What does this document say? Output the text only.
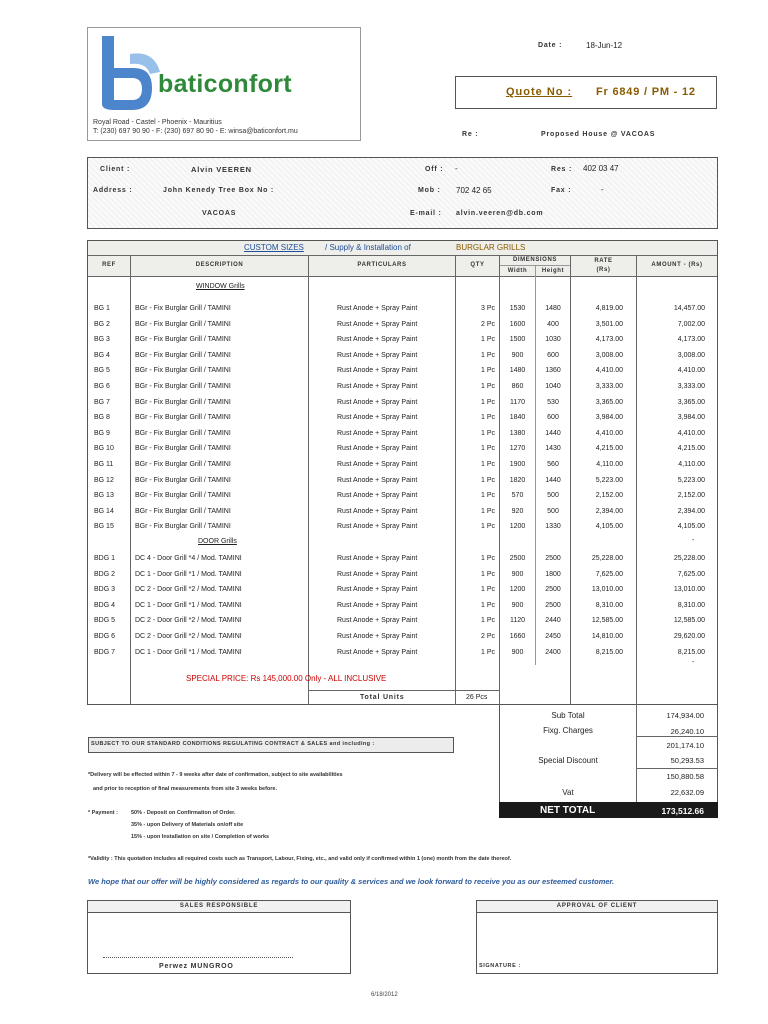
baticonfort
Royal Road - Castel - Phoenix - Mauritius
T: (230) 697 90 90 - F: (230) 697 80 90 - E: winsa@baticonfort.mu
Date :	18-Jun-12
Quote No : Fr 6849 / PM - 12
Re :	Proposed House @ VACOAS
Client :	Alvin VEEREN	Off : -	Res : 402 03 47
Address :	John Kenedy Tree Box No :	Mob : 702 42 65	Fax :	-
VACOAS	E-mail : alvin.veeren@db.com
CUSTOM SIZES	/ Supply & Installation of	BURGLAR GRILLS
REF	DESCRIPTION	PARTICULARS	QTY
DIMENSIONS
Width	Height
RATE
(Rs)
AMOUNT - (Rs)
WINDOW Grills
DOOR Grills
BG 1	BGr - Fix Burglar Grill / TAMINI	Rust Anode + Spray Paint	3 Pc	1530	1480	4,819.00	14,457.00
BG 2	BGr - Fix Burglar Grill / TAMINI	Rust Anode + Spray Paint	2 Pc	1600	400	3,501.00	7,002.00
BG 3	BGr - Fix Burglar Grill / TAMINI	Rust Anode + Spray Paint	1 Pc	1500	1030	4,173.00	4,173.00
BG 4	BGr - Fix Burglar Grill / TAMINI	Rust Anode + Spray Paint	1 Pc	900	600	3,008.00	3,008.00
BG 5	BGr - Fix Burglar Grill / TAMINI	Rust Anode + Spray Paint	1 Pc	1480	1360	4,410.00	4,410.00
BG 6	BGr - Fix Burglar Grill / TAMINI	Rust Anode + Spray Paint	1 Pc	860	1040	3,333.00	3,333.00
BG 7	BGr - Fix Burglar Grill / TAMINI	Rust Anode + Spray Paint	1 Pc	1170	530	3,365.00	3,365.00
BG 8	BGr - Fix Burglar Grill / TAMINI	Rust Anode + Spray Paint	1 Pc	1840	600	3,984.00	3,984.00
BG 9	BGr - Fix Burglar Grill / TAMINI	Rust Anode + Spray Paint	1 Pc	1380	1440	4,410.00	4,410.00
BG 10	BGr - Fix Burglar Grill / TAMINI	Rust Anode + Spray Paint	1 Pc	1270	1430	4,215.00	4,215.00
BG 11	BGr - Fix Burglar Grill / TAMINI	Rust Anode + Spray Paint	1 Pc	1900	560	4,110.00	4,110.00
BG 12	BGr - Fix Burglar Grill / TAMINI	Rust Anode + Spray Paint	1 Pc	1820	1440	5,223.00	5,223.00
BG 13	BGr - Fix Burglar Grill / TAMINI	Rust Anode + Spray Paint	1 Pc	570	500	2,152.00	2,152.00
BG 14	BGr - Fix Burglar Grill / TAMINI	Rust Anode + Spray Paint	1 Pc	920	500	2,394.00	2,394.00
BG 15	BGr - Fix Burglar Grill / TAMINI	Rust Anode + Spray Paint	1 Pc	1200	1330	4,105.00	4,105.00
BDG 1	DC 4 - Door Grill *4 / Mod. TAMINI	Rust Anode + Spray Paint	1 Pc	2500	2500	25,228.00	25,228.00
BDG 2	DC 1 - Door Grill *1 / Mod. TAMINI	Rust Anode + Spray Paint	1 Pc	900	1800	7,625.00	7,625.00
BDG 3	DC 2 - Door Grill *2 / Mod. TAMINI	Rust Anode + Spray Paint	1 Pc	1200	2500	13,010.00	13,010.00
BDG 4	DC 1 - Door Grill *1 / Mod. TAMINI	Rust Anode + Spray Paint	1 Pc	900	2500	8,310.00	8,310.00
BDG 5	DC 2 - Door Grill *2 / Mod. TAMINI	Rust Anode + Spray Paint	1 Pc	1120	2440	12,585.00	12,585.00
BDG 6	DC 2 - Door Grill *2 / Mod. TAMINI	Rust Anode + Spray Paint	2 Pc	1660	2450	14,810.00	29,620.00
BDG 7	DC 1 - Door Grill *1 / Mod. TAMINI	Rust Anode + Spray Paint	1 Pc	900	2400	8,215.00	8,215.00
-
-
SPECIAL PRICE: Rs 145,000.00 Only - ALL INCLUSIVE
Total Units	26 Pcs
Sub Total	174,934.00
Fixg. Charges	26,240.10
201,174.10
Special Discount	50,293.53
150,880.58
Vat	22,632.09
NET TOTAL	173,512.66
SUBJECT TO OUR STANDARD CONDITIONS REGULATING CONTRACT & SALES and including :
*Delivery will be effected within 7 - 9 weeks after date of confirmation, subject to site availabilities
and prior to reception of final measurements from site 3 weeks before.
* Payment : 50% - Deposit on Confirmation of Order.
35% - upon Delivery of Materials on/off site
15% - upon Installation on site / Completion of works
*Validity : This quotation includes all required costs such as Transport, Labour, Fixing, etc., and valid only if confirmed within 1 (one) month from the date thereof.
We hope that our offer will be highly considered as regards to our quality & services and we look forward to receive you as our esteemed customer.
SALES RESPONSIBLE
Perwez MUNGROO
APPROVAL OF CLIENT
SIGNATURE :
6/18/2012
